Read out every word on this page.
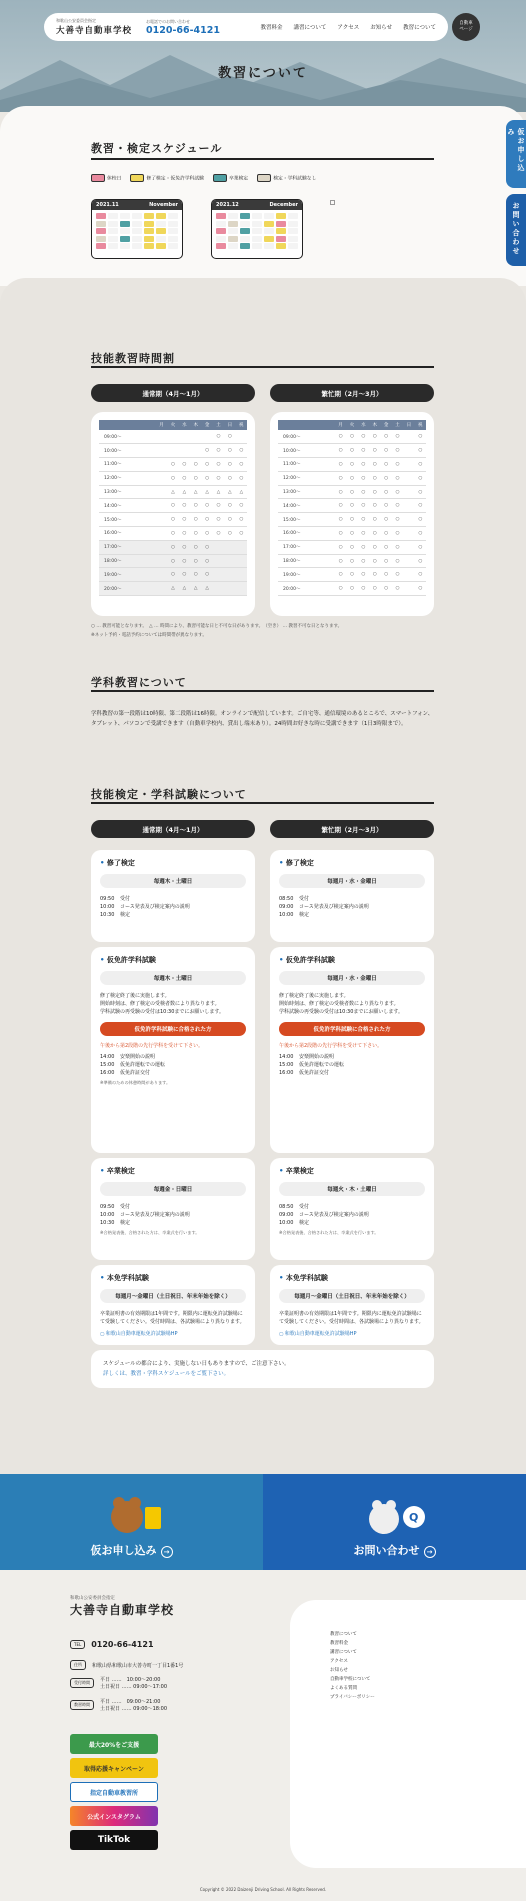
和歌山公安委員会指定
大善寺自動車学校
お電話でのお問い合わせ
0120-66-4121	教習料金 講習について アクセス お知らせ 教習について
自動車
ページ
教習について
仮お申し込み
お問い合わせ
教習・検定スケジュール
休校日	修了検定・仮免許学科試験	卒業検定	検定・学科試験なし
2021.11	November	2021.12	December
技能教習時間割
通常期（4月〜1月）	繁忙期（2月〜3月）
	月	火	水	木	金	土	日	祝
09:00〜						○	○	
10:00〜					○	○	○	○
11:00〜		○	○	○	○	○	○	○
12:00〜		○	○	○	○	○	○	○
13:00〜		△	△	△	△	△	△	△
14:00〜		○	○	○	○	○	○	○
15:00〜		○	○	○	○	○	○	○
16:00〜		○	○	○	○	○	○	○
17:00〜		○	○	○	○			
18:00〜		○	○	○	○			
19:00〜		○	○	○	○			
20:00〜		△	△	△	△			
	月	火	水	木	金	土	日	祝
09:00〜	○	○	○	○	○	○		○
10:00〜	○	○	○	○	○	○		○
11:00〜	○	○	○	○	○	○		○
12:00〜	○	○	○	○	○	○		○
13:00〜	○	○	○	○	○	○		○
14:00〜	○	○	○	○	○	○		○
15:00〜	○	○	○	○	○	○		○
16:00〜	○	○	○	○	○	○		○
17:00〜	○	○	○	○	○	○		○
18:00〜	○	○	○	○	○	○		○
19:00〜	○	○	○	○	○	○		○
20:00〜	○	○	○	○	○	○		○
○ … 教習可能となります。　△ … 時間により、教習可能な日と不可な日があります。　（空き） … 教習不可な日となります。
※ネット予約・電話予約については時間帯が異なります。
学科教習について

学科教習の第一段階は10時限、第二段階は16時限。オンラインで配信しています。ご自宅等、通信環境のあるところで、スマートフォン、タブレット、パソコンで受講できます（自動車学校内、貸出し端末あり）。24時間お好きな時に受講できます（1日3時限まで）。

技能検定・学科試験について
通常期（4月〜1月）	繁忙期（2月〜3月）
• 修了検定
毎週木・土曜日
09:50	受付
10:00	コース発表及び検定案内の説明
10:30	検定
• 修了検定
毎週月・水・金曜日
08:50	受付
09:00	コース発表及び検定案内の説明
10:00	検定
• 仮免許学科試験
毎週木・土曜日
修了検定終了後に実施します。
開始時刻は、修了検定の受検者数により異なります。
学科試験の再受験の受付は10:30までにお願いします。
仮免許学科試験に合格された方
午後から第2段階の先行学科を受けて下さい。
14:00	安楽開始の説明
15:00	仮免許運転での運転
16:00	仮免許証交付
※準備のための休憩時間があります。
• 仮免許学科試験
毎週月・水・金曜日
修了検定終了後に実施します。
開始時刻は、修了検定の受検者数により異なります。
学科試験の再受験の受付は10:30までにお願いします。
仮免許学科試験に合格された方
午後から第2段階の先行学科を受けて下さい。
14:00	安楽開始の説明
15:00	仮免許運転での運転
16:00	仮免許証交付
• 卒業検定
毎週金・日曜日
09:50	受付
10:00	コース発表及び検定案内の説明
10:30	検定
※合格発表後、合格された方は、卒業式を行います。
• 卒業検定
毎週火・木・土曜日
08:50	受付
09:00	コース発表及び検定案内の説明
10:00	検定
※合格発表後、合格された方は、卒業式を行います。
• 本免学科試験
毎週月〜金曜日（土日祝日、年末年始を除く）
卒業証明書の有効期限は1年間です。期限内に運転免許試験場にて受験してください。受付時間は、各試験場により異なります。
◯ 和歌山自動車運転免許試験場HP
• 本免学科試験
毎週月〜金曜日（土日祝日、年末年始を除く）
卒業証明書の有効期限は1年間です。期限内に運転免許試験場にて受験してください。受付時間は、各試験場により異なります。
◯ 和歌山自動車運転免許試験場HP
スケジュールの都合により、実施しない日もありますので、ご注意下さい。
詳しくは、教習・学科スケジュールをご覧下さい。
仮お申し込み →
Q
お問い合わせ →
和歌山公安委員会指定
大善寺自動車学校
TEL	0120-66-4121
住所	和歌山県和歌山市大善寺町一丁目1番1号
受付時間	平日 ……　10:00〜20:00
土日祝日 …… 09:00〜17:00
教習時間	平日 ……　09:00〜21:00
土日祝日 …… 09:00〜18:00
最大20%をご支援
取得応援キャンペーン
指定自動車教習所
公式インスタグラム
TikTok
教習について
教習料金
講習について
アクセス
お知らせ
自動車学校について
よくある質問
プライバシーポリシー
Copyright © 2022 Daizenji Driving School. All Rights Reserved.
